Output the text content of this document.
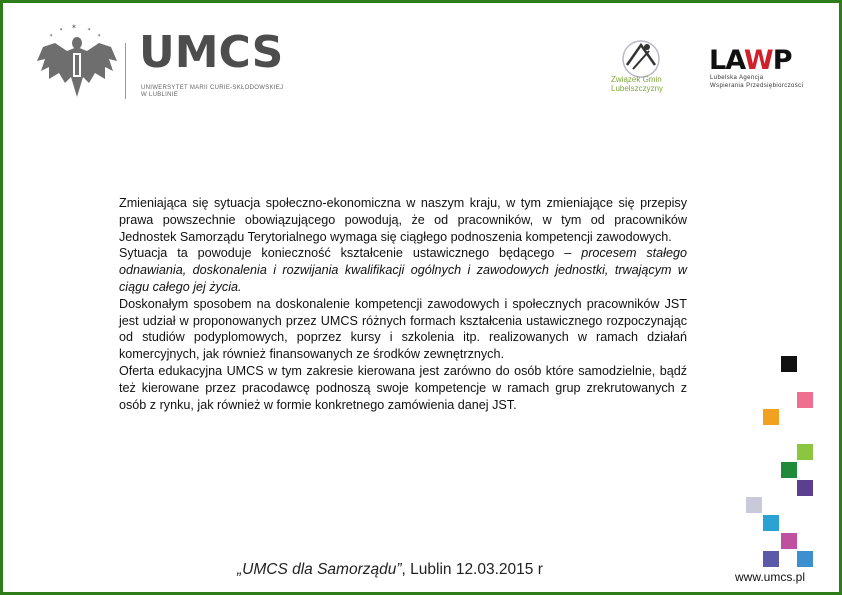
✶
✶	✶
✶	✶ UMCS
UNIWERSYTET MARII CURIE-SKŁODOWSKIEJ
W LUBLINIE
Związek Gmin
Lubelszczyzny
LAWP
Lubelska Agencja
Wspierania Przedsiębiorczości

Zmieniająca się sytuacja społeczno-ekonomiczna w naszym kraju, w tym zmieniające się przepisy prawa powszechnie obowiązującego powodują, że od pracowników, w tym od pracowników Jednostek Samorządu Terytorialnego wymaga się ciągłego podnoszenia kompetencji zawodowych.

Sytuacja ta powoduje konieczność kształcenie ustawicznego będącego – procesem stałego odnawiania, doskonalenia i rozwijania kwalifikacji ogólnych i zawodowych jednostki, trwającym w ciągu całego jej życia.

Doskonałym sposobem na doskonalenie kompetencji zawodowych i społecznych pracowników JST jest udział w proponowanych przez UMCS różnych formach kształcenia ustawicznego rozpoczynając od studiów podyplomowych, poprzez kursy i szkolenia itp. realizowanych w ramach działań komercyjnych, jak również finansowanych ze środków zewnętrznych.

Oferta edukacyjna UMCS w tym zakresie kierowana jest zarówno do osób które samodzielnie, bądź też kierowane przez pracodawcę podnoszą swoje kompetencje w ramach grup zrekrutowanych z osób z rynku, jak również w formie konkretnego zamówienia danej JST.

„UMCS dla Samorządu”, Lublin 12.03.2015 r	www.umcs.pl
